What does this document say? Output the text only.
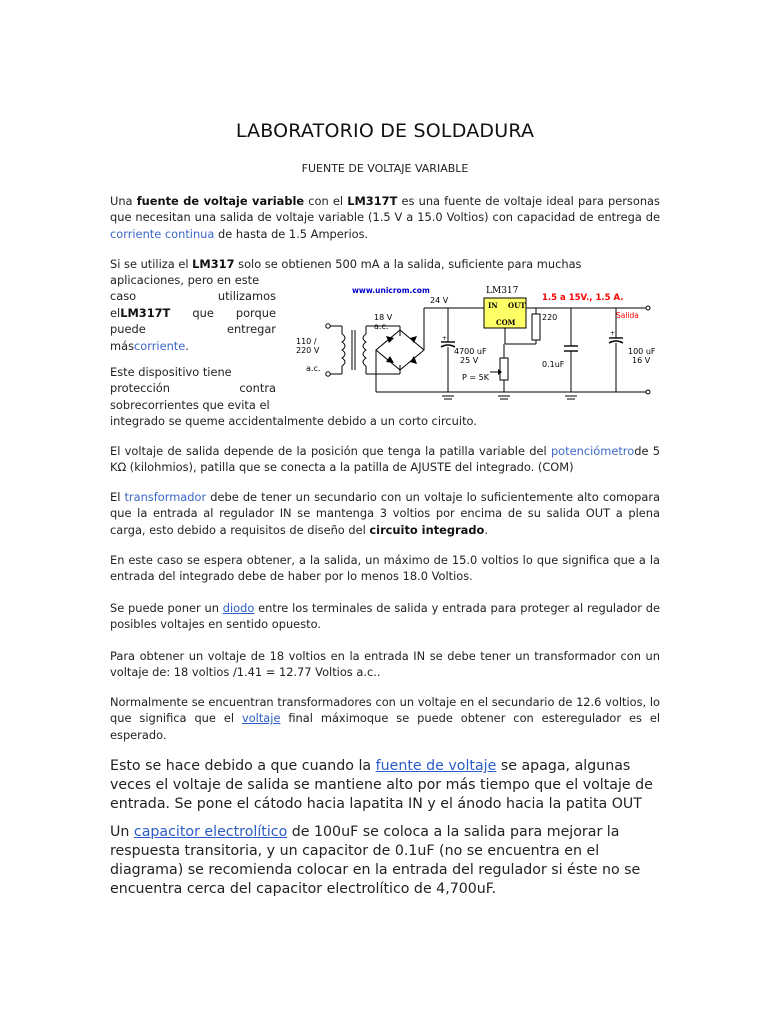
LABORATORIO DE SOLDADURA
FUENTE DE VOLTAJE VARIABLE

Una fuente de voltaje variable con el LM317T es una fuente de voltaje ideal para personas que necesitan una salida de voltaje variable (1.5 V a 15.0 Voltios) con capacidad de entrega de corriente continua de hasta de 1.5 Amperios.

Si se utiliza el LM317 solo se obtienen 500 mA a la salida, suficiente para muchas

aplicaciones, pero en este
caso utilizamos
elLM317T que porque
puede entregar
máscorriente.
Este dispositivo tiene
protección contra
sobrecorrientes que evita el
integrado se queme accidentalmente debido a un corto circuito.
www.unicrom.com
+
IN OUT
COM
LM317
+
24 V
18 V
a.c.
110 /
220 V
a.c.
4700 uF
25 V
P = 5K
220
0.1uF
100 uF
16 V
1.5 a 15V., 1.5 A.
Salida

El voltaje de salida depende de la posición que tenga la patilla variable del potenciómetrode 5 KΩ (kilohmios), patilla que se conecta a la patilla de AJUSTE del integrado. (COM)

El transformador debe de tener un secundario con un voltaje lo suficientemente alto comopara que la entrada al regulador IN se mantenga 3 voltios por encima de su salida OUT a plena carga, esto debido a requisitos de diseño del circuito integrado.

En este caso se espera obtener, a la salida, un máximo de 15.0 voltios lo que significa que a la entrada del integrado debe de haber por lo menos 18.0 Voltios.

Se puede poner un diodo entre los terminales de salida y entrada para proteger al regulador de posibles voltajes en sentido opuesto.

Para obtener un voltaje de 18 voltios en la entrada IN se debe tener un transformador con un voltaje de: 18 voltios /1.41 = 12.77 Voltios a.c..

Normalmente se encuentran transformadores con un voltaje en el secundario de 12.6 voltios, lo que significa que el voltaje final máximoque se puede obtener con esteregulador es el esperado.

Esto se hace debido a que cuando la fuente de voltaje se apaga, algunas veces el voltaje de salida se mantiene alto por más tiempo que el voltaje de entrada. Se pone el cátodo hacia lapatita IN y el ánodo hacia la patita OUT

Un capacitor electrolítico de 100uF se coloca a la salida para mejorar la respuesta transitoria, y un capacitor de 0.1uF (no se encuentra en el diagrama) se recomienda colocar en la entrada del regulador si éste no se encuentra cerca del capacitor electrolítico de 4,700uF.
